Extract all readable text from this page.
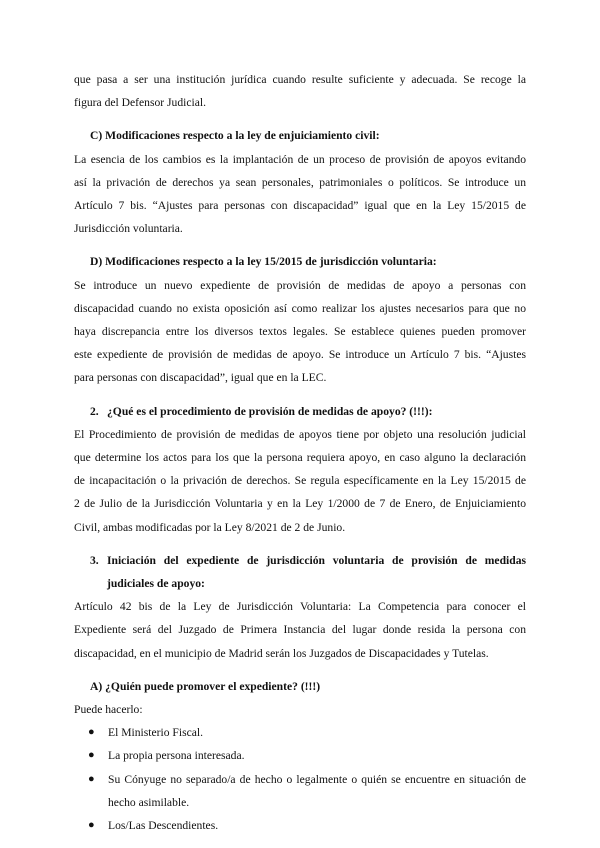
que pasa a ser una institución jurídica cuando resulte suficiente y adecuada. Se recoge la
figura del Defensor Judicial.
C) Modificaciones respecto a la ley de enjuiciamiento civil:
La esencia de los cambios es la implantación de un proceso de provisión de apoyos evitando
así la privación de derechos ya sean personales, patrimoniales o políticos. Se introduce un
Artículo 7 bis. “Ajustes para personas con discapacidad” igual que en la Ley 15/2015 de
Jurisdicción voluntaria.
D) Modificaciones respecto a la ley 15/2015 de jurisdicción voluntaria:
Se introduce un nuevo expediente de provisión de medidas de apoyo a personas con
discapacidad cuando no exista oposición así como realizar los ajustes necesarios para que no
haya discrepancia entre los diversos textos legales. Se establece quienes pueden promover
este expediente de provisión de medidas de apoyo. Se introduce un Artículo 7 bis. “Ajustes
para personas con discapacidad”, igual que en la LEC.
2. ¿Qué es el procedimiento de provisión de medidas de apoyo? (!!!):
El Procedimiento de provisión de medidas de apoyos tiene por objeto una resolución judicial
que determine los actos para los que la persona requiera apoyo, en caso alguno la declaración
de incapacitación o la privación de derechos. Se regula específicamente en la Ley 15/2015 de
2 de Julio de la Jurisdicción Voluntaria y en la Ley 1/2000 de 7 de Enero, de Enjuiciamiento
Civil, ambas modificadas por la Ley 8/2021 de 2 de Junio.
3. Iniciación del expediente de jurisdicción voluntaria de provisión de medidas
judiciales de apoyo:
Artículo 42 bis de la Ley de Jurisdicción Voluntaria: La Competencia para conocer el
Expediente será del Juzgado de Primera Instancia del lugar donde resida la persona con
discapacidad, en el municipio de Madrid serán los Juzgados de Discapacidades y Tutelas.
A) ¿Quién puede promover el expediente? (!!!)
Puede hacerlo:
●	El Ministerio Fiscal.
●	La propia persona interesada.
●	Su Cónyuge no separado/a de hecho o legalmente o quién se encuentre en situación de
hecho asimilable.
●	Los/Las Descendientes.
